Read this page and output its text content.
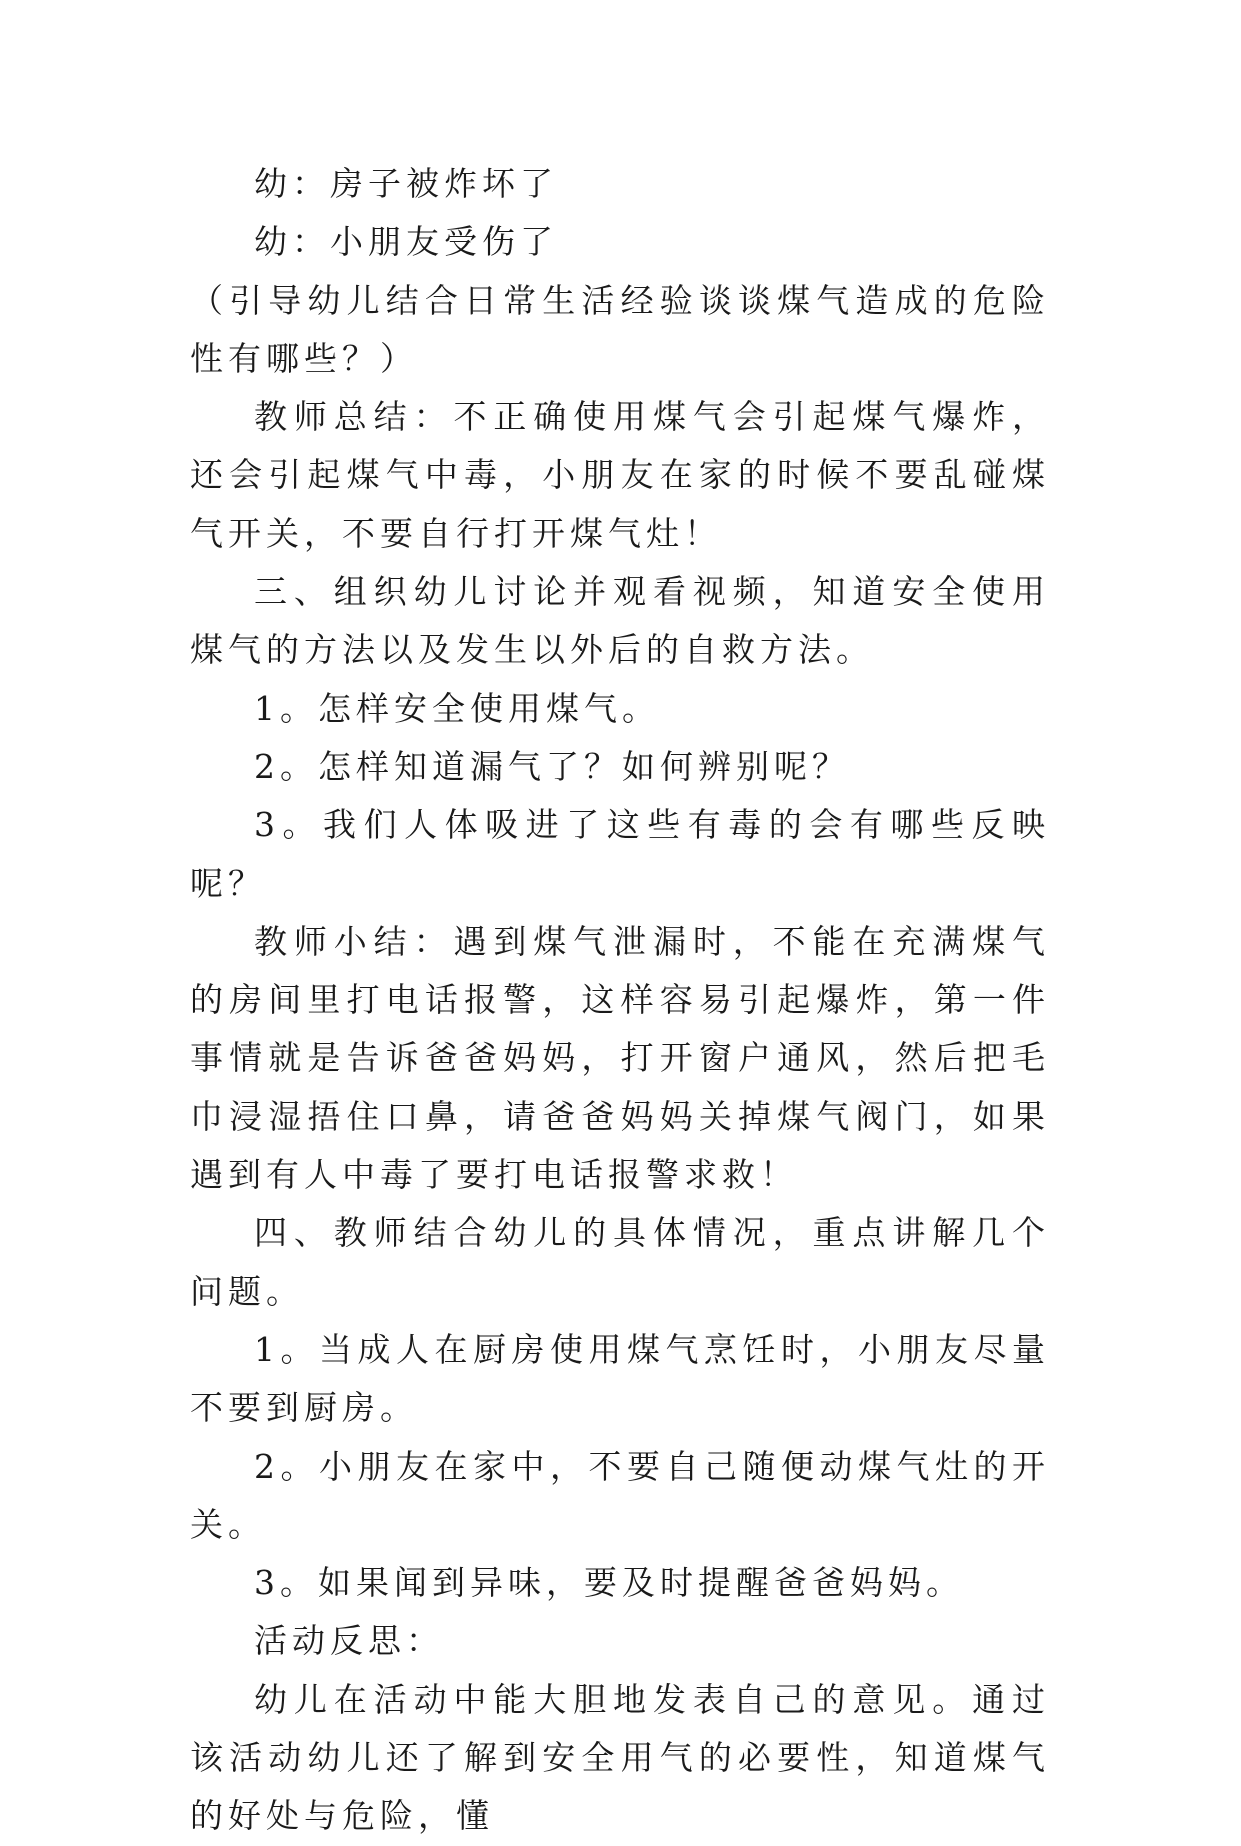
幼：房子被炸坏了

幼：小朋友受伤了

（引导幼儿结合日常生活经验谈谈煤气造成的危险性有哪些？）

教师总结：不正确使用煤气会引起煤气爆炸，还会引起煤气中毒，小朋友在家的时候不要乱碰煤气开关，不要自行打开煤气灶！

三、组织幼儿讨论并观看视频，知道安全使用煤气的方法以及发生以外后的自救方法。

1。怎样安全使用煤气。

2。怎样知道漏气了？如何辨别呢？

3。我们人体吸进了这些有毒的会有哪些反映呢？

教师小结：遇到煤气泄漏时，不能在充满煤气的房间里打电话报警，这样容易引起爆炸，第一件事情就是告诉爸爸妈妈，打开窗户通风，然后把毛巾浸湿捂住口鼻，请爸爸妈妈关掉煤气阀门，如果遇到有人中毒了要打电话报警求救！

四、教师结合幼儿的具体情况，重点讲解几个问题。

1。当成人在厨房使用煤气烹饪时，小朋友尽量不要到厨房。

2。小朋友在家中，不要自己随便动煤气灶的开关。

3。如果闻到异味，要及时提醒爸爸妈妈。

活动反思：

幼儿在活动中能大胆地发表自己的意见。通过该活动幼儿还了解到安全用气的必要性，知道煤气的好处与危险，懂
